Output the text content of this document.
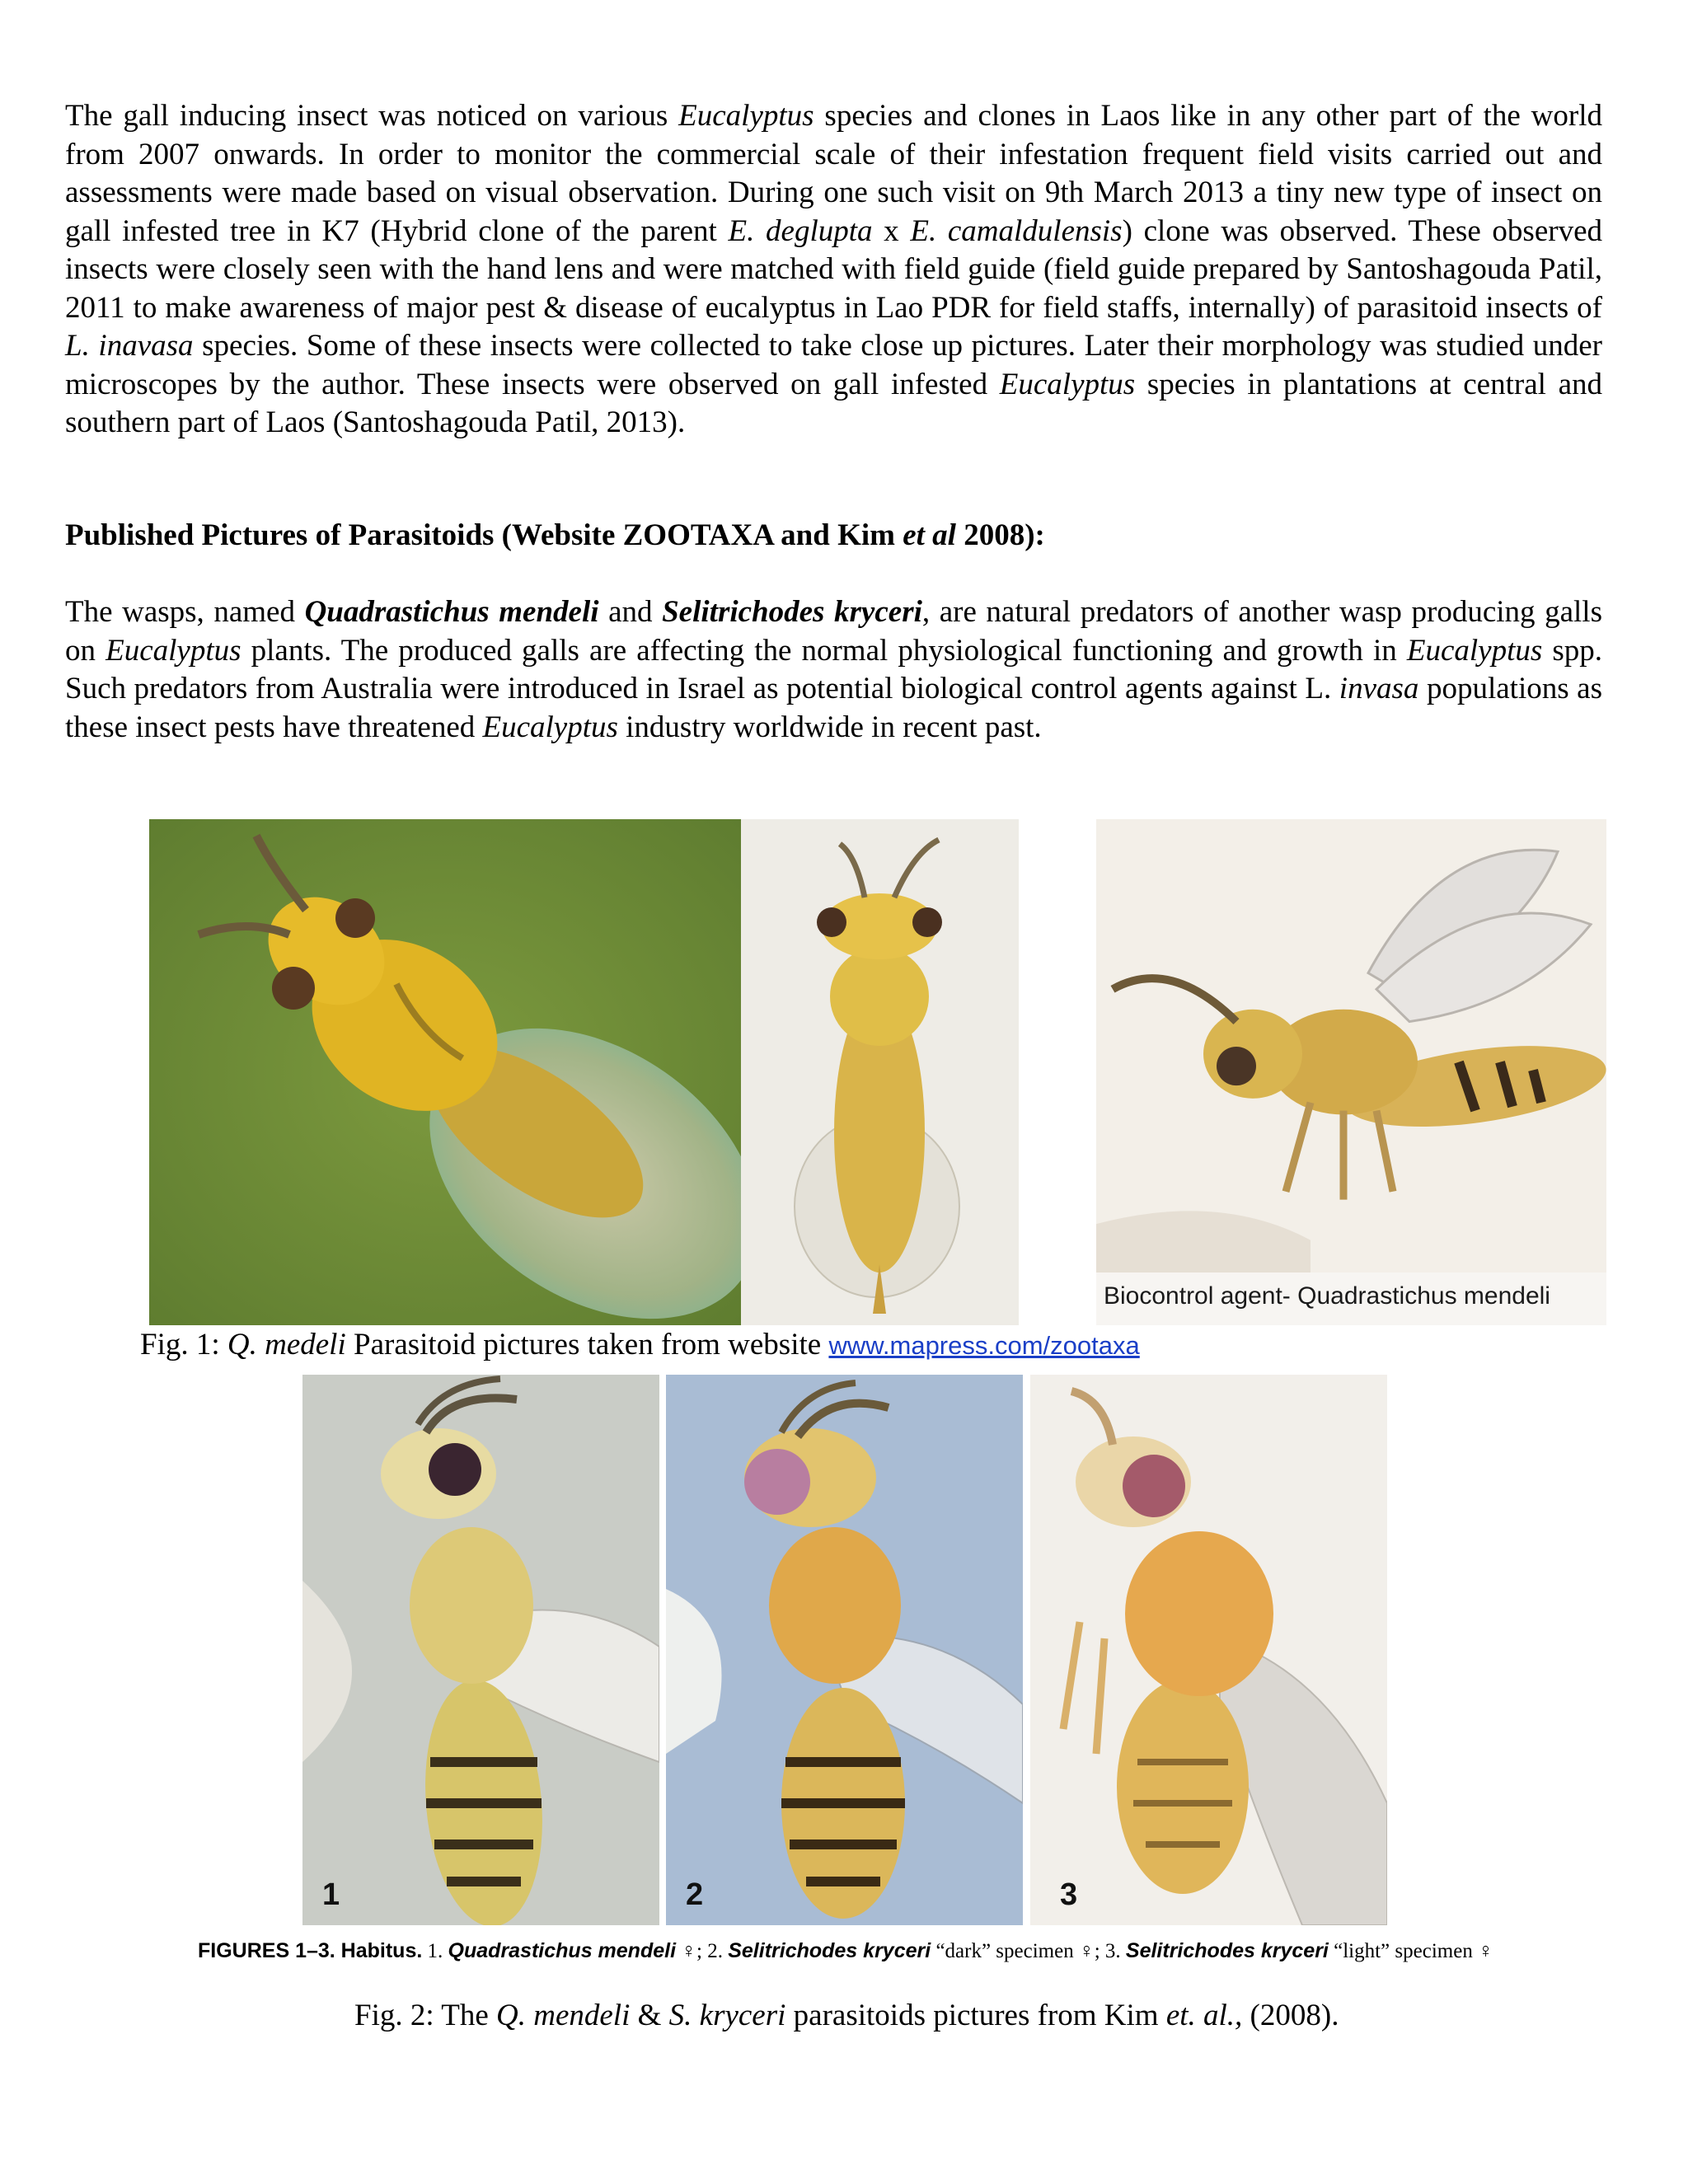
The gall inducing insect was noticed on various Eucalyptus species and clones in Laos like in any other part of the world from 2007 onwards. In order to monitor the commercial scale of their infestation frequent field visits carried out and assessments were made based on visual observation. During one such visit on 9th March 2013 a tiny new type of insect on gall infested tree in K7 (Hybrid clone of the parent E. deglupta x E. camaldulensis) clone was observed. These observed insects were closely seen with the hand lens and were matched with field guide (field guide prepared by Santoshagouda Patil, 2011 to make awareness of major pest & disease of eucalyptus in Lao PDR for field staffs, internally) of parasitoid insects of L. inavasa species. Some of these insects were collected to take close up pictures. Later their morphology was studied under microscopes by the author. These insects were observed on gall infested Eucalyptus species in plantations at central and southern part of Laos (Santoshagouda Patil, 2013).

Published Pictures of Parasitoids (Website ZOOTAXA and Kim et al 2008):

The wasps, named Quadrastichus mendeli and Selitrichodes kryceri, are natural predators of another wasp producing galls on Eucalyptus plants. The produced galls are affecting the normal physiological functioning and growth in Eucalyptus spp. Such predators from Australia were introduced in Israel as potential biological control agents against L. invasa populations as these insect pests have threatened Eucalyptus industry worldwide in recent past.

Biocontrol agent- Quadrastichus mendeli

Fig. 1: Q. medeli Parasitoid pictures taken from website www.mapress.com/zootaxa

1	2	3

FIGURES 1–3. Habitus. 1. Quadrastichus mendeli ♀; 2. Selitrichodes kryceri “dark” specimen ♀; 3. Selitrichodes kryceri “light” specimen ♀

Fig. 2: The Q. mendeli & S. kryceri parasitoids pictures from Kim et. al., (2008).
